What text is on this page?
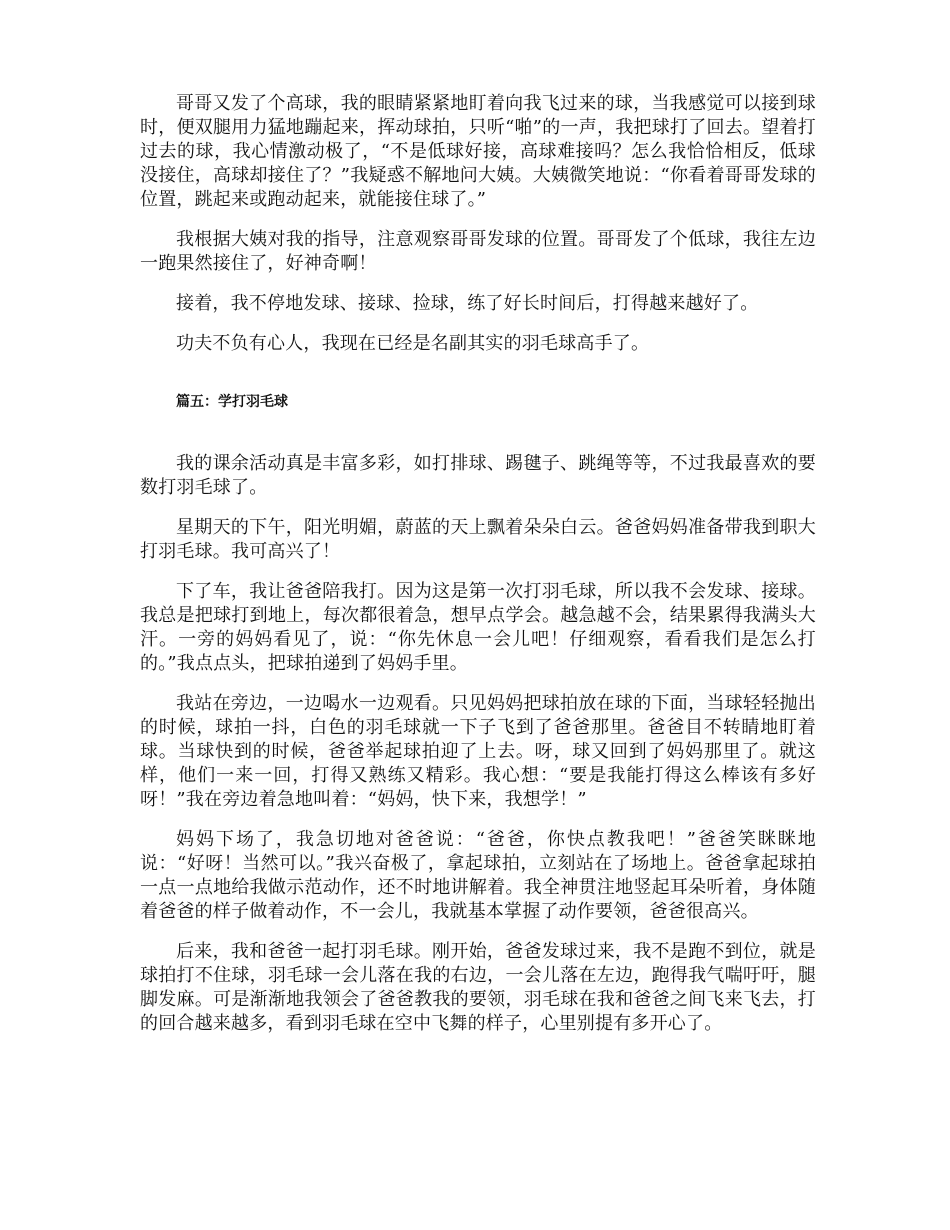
哥哥又发了个高球，我的眼睛紧紧地盯着向我飞过来的球，当我感觉可以接到球时，便双腿用力猛地蹦起来，挥动球拍，只听“啪”的一声，我把球打了回去。望着打过去的球，我心情激动极了，“不是低球好接，高球难接吗？怎么我恰恰相反，低球没接住，高球却接住了？”我疑惑不解地问大姨。大姨微笑地说：“你看着哥哥发球的位置，跳起来或跑动起来，就能接住球了。”

我根据大姨对我的指导，注意观察哥哥发球的位置。哥哥发了个低球，我往左边一跑果然接住了，好神奇啊！

接着，我不停地发球、接球、捡球，练了好长时间后，打得越来越好了。

功夫不负有心人，我现在已经是名副其实的羽毛球高手了。

篇五：学打羽毛球

我的课余活动真是丰富多彩，如打排球、踢毽子、跳绳等等，不过我最喜欢的要数打羽毛球了。

星期天的下午，阳光明媚，蔚蓝的天上飘着朵朵白云。爸爸妈妈准备带我到职大打羽毛球。我可高兴了！

下了车，我让爸爸陪我打。因为这是第一次打羽毛球，所以我不会发球、接球。我总是把球打到地上，每次都很着急，想早点学会。越急越不会，结果累得我满头大汗。一旁的妈妈看见了，说：“你先休息一会儿吧！仔细观察，看看我们是怎么打的。”我点点头，把球拍递到了妈妈手里。

我站在旁边，一边喝水一边观看。只见妈妈把球拍放在球的下面，当球轻轻抛出的时候，球拍一抖，白色的羽毛球就一下子飞到了爸爸那里。爸爸目不转睛地盯着球。当球快到的时候，爸爸举起球拍迎了上去。呀，球又回到了妈妈那里了。就这样，他们一来一回，打得又熟练又精彩。我心想：“要是我能打得这么棒该有多好呀！”我在旁边着急地叫着：“妈妈，快下来，我想学！”

妈妈下场了，我急切地对爸爸说：“爸爸，你快点教我吧！”爸爸笑眯眯地说：“好呀！当然可以。”我兴奋极了，拿起球拍，立刻站在了场地上。爸爸拿起球拍一点一点地给我做示范动作，还不时地讲解着。我全神贯注地竖起耳朵听着，身体随着爸爸的样子做着动作，不一会儿，我就基本掌握了动作要领，爸爸很高兴。

后来，我和爸爸一起打羽毛球。刚开始，爸爸发球过来，我不是跑不到位，就是球拍打不住球，羽毛球一会儿落在我的右边，一会儿落在左边，跑得我气喘吁吁，腿脚发麻。可是渐渐地我领会了爸爸教我的要领，羽毛球在我和爸爸之间飞来飞去，打的回合越来越多，看到羽毛球在空中飞舞的样子，心里别提有多开心了。
